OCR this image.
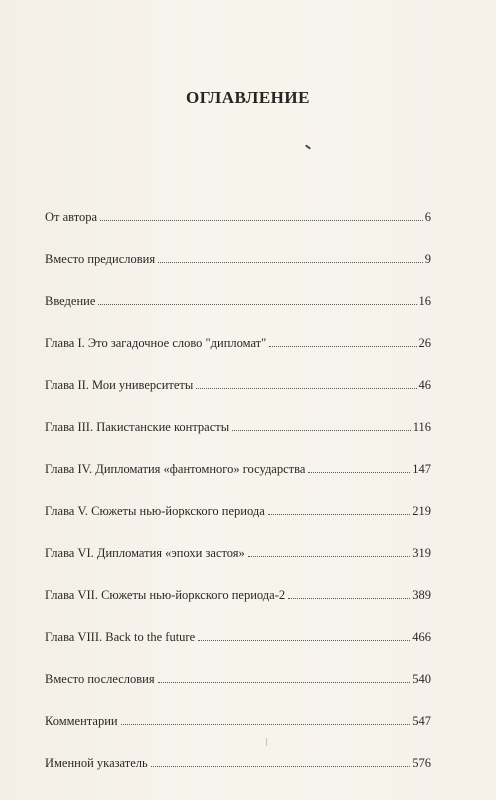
ОГЛАВЛЕНИЕ
От автора	6
Вместо предисловия	9
Введение	16
Глава I. Это загадочное слово "дипломат"	26
Глава II. Мои университеты	46
Глава III. Пакистанские контрасты	116
Глава IV. Дипломатия «фантомного» государства	147
Глава V. Сюжеты нью-йоркского периода	219
Глава VI. Дипломатия «эпохи застоя»	319
Глава VII. Сюжеты нью-йоркского периода-2	389
Глава VIII. Back to the future	466
Вместо послесловия	540
Комментарии	547
Именной указатель	576
